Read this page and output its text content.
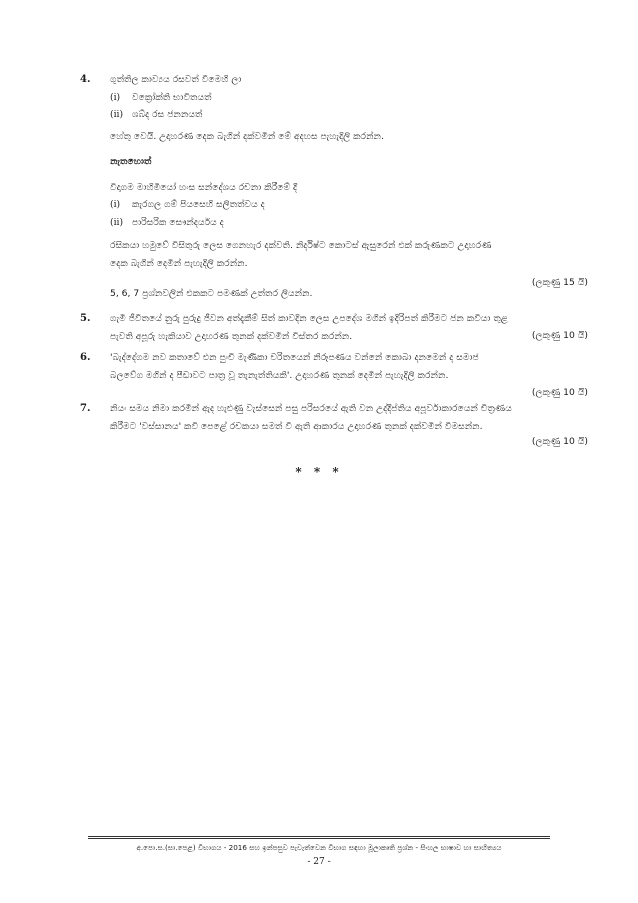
4.	ගුත්තිල කාව්‍යය රසවත් වීමෙහි ලා
(i) වක්‍රෝක්ති භාවිතයත්
(ii) ශබ්ද රස ජනනයත්
හේතු වෙයි. උදාහරණ දෙක බැගින් දක්වමින් මේ අදහස පැහැදිලි කරන්න.
නැතහොත්
විදාගම මාහිමියෝ හංස සන්දේශය රචනා කිරීමේ දී
(i) කැරගල ගම් පියසෙහි සලිතත්වය ද
(ii) පාරිසරික සෞන්දර්යය ද
රසිකයා හමුවේ විසිතුරු ලෙස ගෙනහැර දක්වති. නිර්දිෂ්ට කොටස් ඇසුරෙන් එක් කරුණකට උදාහරණ
දෙක බැගින් දෙමින් පැහැදිලි කරන්න.
(ලකුණු 15 යි)
5, 6, 7 ප්‍රශ්නවලින් එකකට පමණක් උත්තර ලියන්න.
5.	ගැමි ජීවිතයේ නුරු පුරුදු ජීවන අත්දැකීම් සිත් කාවදින ලෙස උපදේශ මගින් ඉදිරිපත් කිරීමට ජන කවියා තුළ
පැවති අපූරු හැකියාව උදාහරණ තුනක් දක්වමින් විස්තර කරන්න.	(ලකුණු 10 යි)
6.	'බැද්දේගම නව කතාවේ එන පුංචි මැණිකා චරිතයෙන් නිරූපණය වන්නේ කොබා දනමෙන් ද සමාජ
බලවේග මගින් ද පීඩාවට පාත්‍ර වූ තැනැත්තියකි'. උදාහරණ තුනක් දෙමින් පැහැදිලි කරන්න.
(ලකුණු 10 යි)
7.	නියං සමය නිමා කරමින් ඇද හැළුණු වැස්සෙන් පසු පරිසරයේ ඇති වන උද්දීප්තිය අපූර්වාකාරයෙන් චිත්‍රණය
කිරීමට 'වස්සානය' කවි පෙළේ රචකයා සමත් වී ඇති ආකාරය උදාහරණ තුනක් දක්වමින් විමසන්න.
(ලකුණු 10 යි)
* * *
අ.පො.ස.(සා.පෙළ) විභාගය - 2016 සහ ඉන්පසුව පැවැත්වෙන විභාග සඳහා මූලාකෘති ප්‍රශ්න - සිංහල භාෂාව හා සාහිත්‍යය
- 27 -
